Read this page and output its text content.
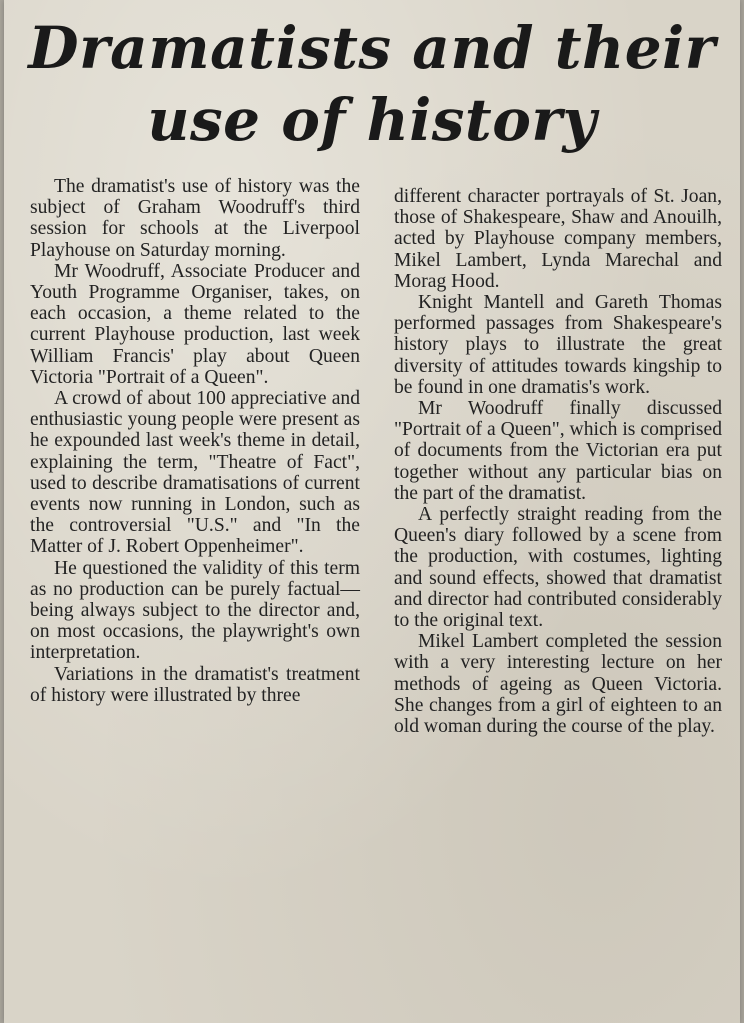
Dramatists and their
use of history

The dramatist's use of history was the subject of Graham Woodruff's third session for schools at the Liverpool Playhouse on Saturday morning.

Mr Woodruff, Associate Producer and Youth Programme Organiser, takes, on each occasion, a theme related to the current Playhouse production, last week William Francis' play about Queen Victoria "Portrait of a Queen".

A crowd of about 100 appreciative and enthusiastic young people were present as he expounded last week's theme in detail, explaining the term, "Theatre of Fact", used to describe dramatisations of current events now running in London, such as the controversial "U.S." and "In the Matter of J. Robert Oppenheimer".

He questioned the validity of this term as no production can be purely factual—being always subject to the director and, on most occasions, the playwright's own interpretation.

Variations in the dramatist's treatment of history were illustrated by three

different character portrayals of St. Joan, those of Shakespeare, Shaw and Anouilh, acted by Playhouse company members, Mikel Lambert, Lynda Marechal and Morag Hood.

Knight Mantell and Gareth Thomas performed passages from Shakespeare's history plays to illustrate the great diversity of attitudes towards kingship to be found in one dramatis's work.

Mr Woodruff finally discussed "Portrait of a Queen", which is comprised of documents from the Victorian era put together without any particular bias on the part of the dramatist.

A perfectly straight reading from the Queen's diary followed by a scene from the production, with costumes, lighting and sound effects, showed that dramatist and director had contributed considerably to the original text.

Mikel Lambert completed the session with a very interesting lecture on her methods of ageing as Queen Victoria. She changes from a girl of eighteen to an old woman during the course of the play.
